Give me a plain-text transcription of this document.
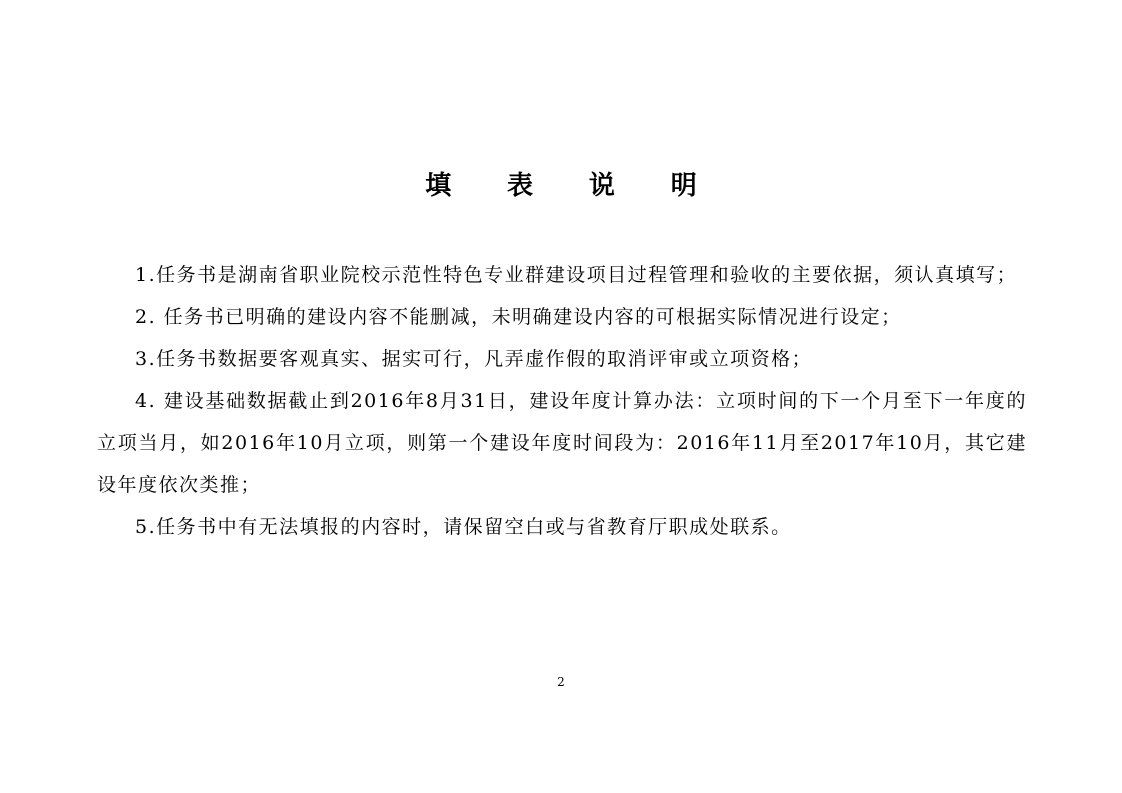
填 表 说 明

1.任务书是湖南省职业院校示范性特色专业群建设项目过程管理和验收的主要依据，须认真填写；

2. 任务书已明确的建设内容不能删减，未明确建设内容的可根据实际情况进行设定；

3.任务书数据要客观真实、据实可行，凡弄虚作假的取消评审或立项资格；

4. 建设基础数据截止到2016年8月31日，建设年度计算办法：立项时间的下一个月至下一年度的立项当月，如2016年10月立项，则第一个建设年度时间段为：2016年11月至2017年10月，其它建设年度依次类推；

5.任务书中有无法填报的内容时，请保留空白或与省教育厅职成处联系。

2
